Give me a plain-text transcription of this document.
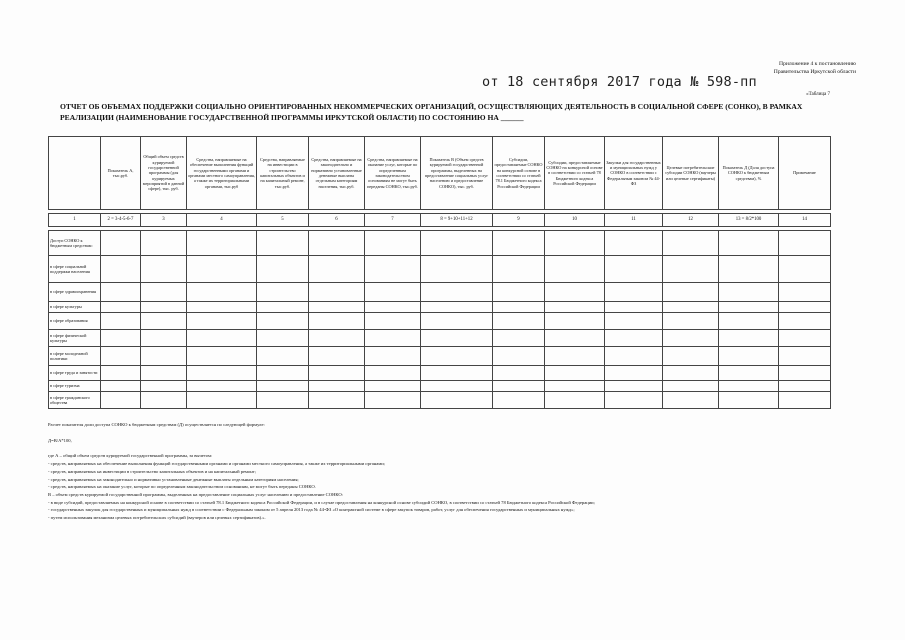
Приложение 4 к постановлению
Правительства Иркутской области
от 18 сентября 2017 года № 598-пп
«Таблица 7
ОТЧЕТ ОБ ОБЪЕМАХ ПОДДЕРЖКИ СОЦИАЛЬНО ОРИЕНТИРОВАННЫХ НЕКОММЕРЧЕСКИХ ОРГАНИЗАЦИЙ, ОСУЩЕСТВЛЯЮЩИХ ДЕЯТЕЛЬНОСТЬ В СОЦИАЛЬНОЙ СФЕРЕ (СОНКО), В РАМКАХ РЕАЛИЗАЦИИ (НАИМЕНОВАНИЕ ГОСУДАРСТВЕННОЙ ПРОГРАММЫ ИРКУТСКОЙ ОБЛАСТИ) ПО СОСТОЯНИЮ НА ______
	Показатель А, тыс.руб.	Общий объем средств курируемой государственной программы (для курируемых мероприятий в данной сфере), тыс. руб.	Средства, направляемые на обеспечение выполнения функций государственными органами и органами местного самоуправления, а также их территориальными органами, тыс.руб	Средства, направляемые на инвестиции в строительство капитальных объектов и на капитальный ремонт, тыс.руб.	Средства, направляемые на законодательно и нормативно установленные денежные выплаты отдельным категориям населения, тыс.руб.	Средства, направляемые на оказание услуг, которые по определенным законодательством основаниям не могут быть переданы СОНКО, тыс.руб.	Показатель В (Объем средств курируемой государственной программы, выделенных на предоставление социальных услуг населению и предоставление СОНКО), тыс. руб.	Субсидии, предоставляемые СОНКО на конкурсной основе в соответствии со статьей 78.1 Бюджетного кодекса Российской Федерации	Субсидии, предоставляемые СОНКО на конкурсной основе в соответствии со статьей 78 Бюджетного кодекса Российской Федерации	Закупки для государственных и муниципальных нужд у СОНКО в соответствии с Федеральным законом № 44-ФЗ	Целевые потребительские субсидии СОНКО (ваучеры или целевые сертификаты)	Показатель Д (Доля доступа СОНКО к бюджетным средствам), %	Примечание

1	2 = 3-4-5-6-7	3	4	5	6	7	8 = 9+10+11+12	9	10	11	12	13 = 8/2*100	14

Доступ СОНКО к бюджетным средствам:													
в сфере социальной поддержки населения													
в сфере здравоохранения													
в сфере культуры													
в сфере образования													
в сфере физической культуры													
в сфере молодежной политики													
в сфере труда и занятости													
в сфере туризма													
в сфере гражданского общества													
Расчет показателя доли доступа СОНКО к бюджетным средствам (Д) осуществляется по следующей формуле:
Д=В/А*100,
где А – общий объем средств курируемой государственной программы, за вычетом:
- средств, направляемых на обеспечение выполнения функций государственными органами и органами местного самоуправления, а также их территориальными органами;
- средств, направляемых на инвестиции в строительство капитальных объектов и на капитальный ремонт;
- средств, направляемых на законодательно и нормативно установленные денежные выплаты отдельным категориям населения;
- средств, направляемых на оказание услуг, которые по определенным законодательством основаниям, не могут быть переданы СОНКО.
В – объем средств курируемой государственной программы, выделенных на предоставление социальных услуг населению и предоставление СОНКО:
- в виде субсидий, предоставляемых на конкурсной основе в соответствии со статьей 78.1 Бюджетного кодекса Российской Федерации, и в случае предоставления на конкурсной основе субсидий СОНКО, в соответствии со статьей 78 Бюджетного кодекса Российской Федерации;
- государственных закупок для государственных и муниципальных нужд в соответствии с Федеральным законом от 5 апреля 2013 года № 44-ФЗ «О контрактной системе в сфере закупок товаров, работ, услуг для обеспечения государственных и муниципальных нужд»;
- путем использования механизма целевых потребительских субсидий (ваучеров или целевых сертификатов).».
